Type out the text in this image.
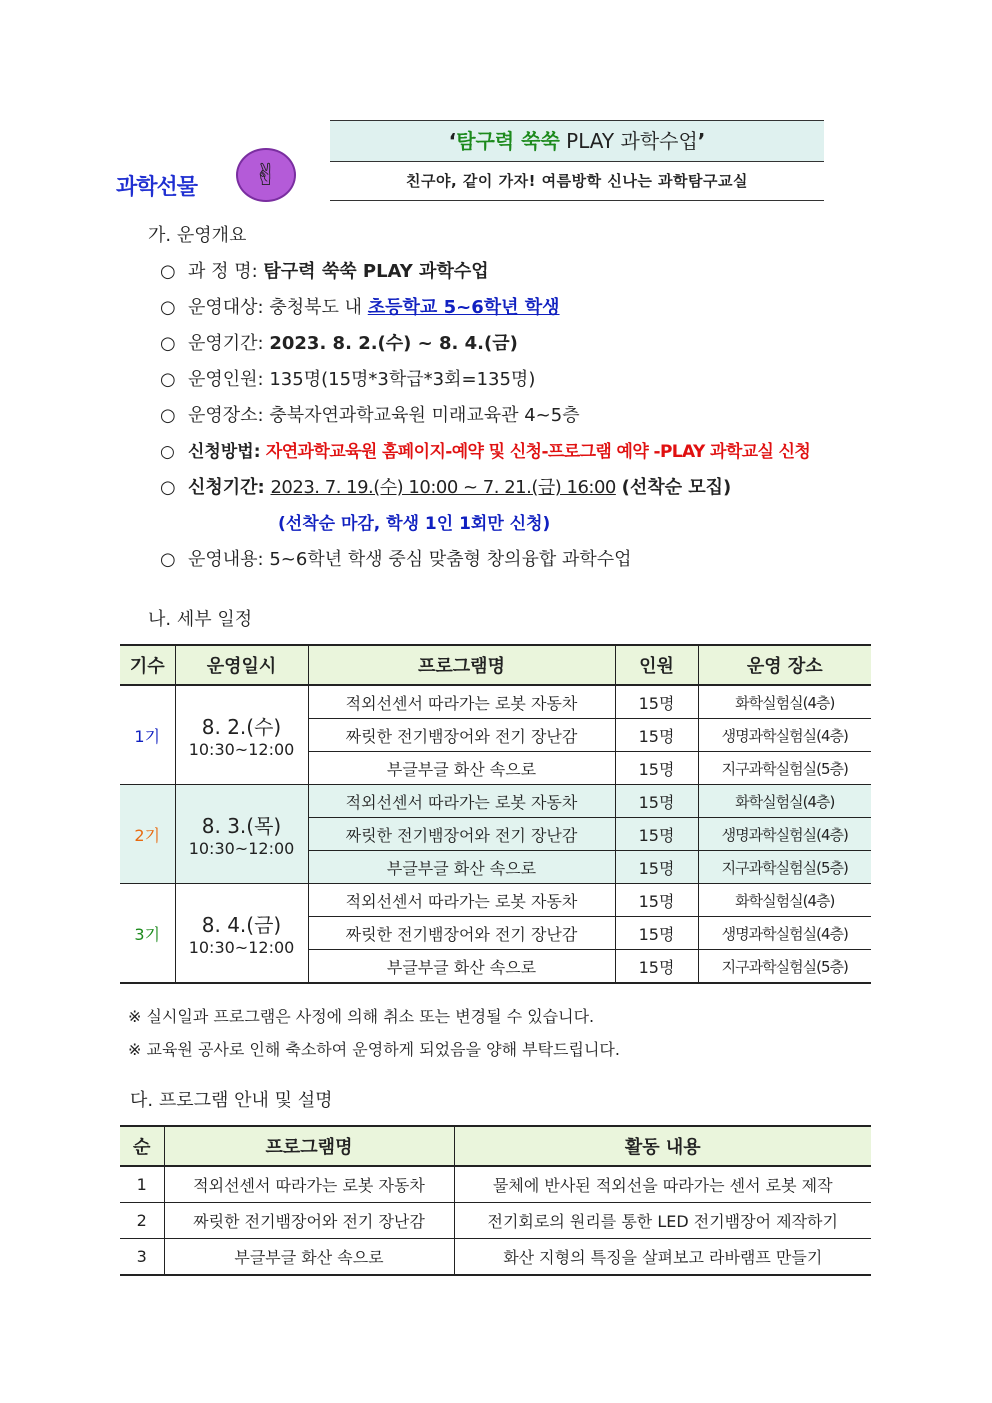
과학선물	✌
‘탐구력 쑥쑥 PLAY 과학수업’
친구야, 같이 가자! 여름방학 신나는 과학탐구교실
가. 운영개요
○ 과 정 명: 탐구력 쑥쑥 PLAY 과학수업
○ 운영대상: 충청북도 내 초등학교 5~6학년 학생
○ 운영기간: 2023. 8. 2.(수) ~ 8. 4.(금)
○ 운영인원: 135명(15명*3학급*3회=135명)
○ 운영장소: 충북자연과학교육원 미래교육관 4~5층
○ 신청방법: 자연과학교육원 홈페이지-예약 및 신청-프로그램 예약 -PLAY 과학교실 신청
○ 신청기간: 2023. 7. 19.(수) 10:00 ~ 7. 21.(금) 16:00 (선착순 모집)
(선착순 마감, 학생 1인 1회만 신청)
○ 운영내용: 5~6학년 학생 중심 맞춤형 창의융합 과학수업
나. 세부 일정
기수	운영일시	프로그램명	인원	운영 장소
1기	8. 2.(수)
10:30~12:00	적외선센서 따라가는 로봇 자동차	15명	화학실험실(4층)
		짜릿한 전기뱀장어와 전기 장난감	15명	생명과학실험실(4층)
		부글부글 화산 속으로	15명	지구과학실험실(5층)
2기	8. 3.(목)
10:30~12:00	적외선센서 따라가는 로봇 자동차	15명	화학실험실(4층)
		짜릿한 전기뱀장어와 전기 장난감	15명	생명과학실험실(4층)
		부글부글 화산 속으로	15명	지구과학실험실(5층)
3기	8. 4.(금)
10:30~12:00	적외선센서 따라가는 로봇 자동차	15명	화학실험실(4층)
		짜릿한 전기뱀장어와 전기 장난감	15명	생명과학실험실(4층)
		부글부글 화산 속으로	15명	지구과학실험실(5층)
※ 실시일과 프로그램은 사정에 의해 취소 또는 변경될 수 있습니다.
※ 교육원 공사로 인해 축소하여 운영하게 되었음을 양해 부탁드립니다.
다. 프로그램 안내 및 설명
순	프로그램명	활동 내용
1	적외선센서 따라가는 로봇 자동차	물체에 반사된 적외선을 따라가는 센서 로봇 제작
2	짜릿한 전기뱀장어와 전기 장난감	전기회로의 원리를 통한 LED 전기뱀장어 제작하기
3	부글부글 화산 속으로	화산 지형의 특징을 살펴보고 라바램프 만들기
